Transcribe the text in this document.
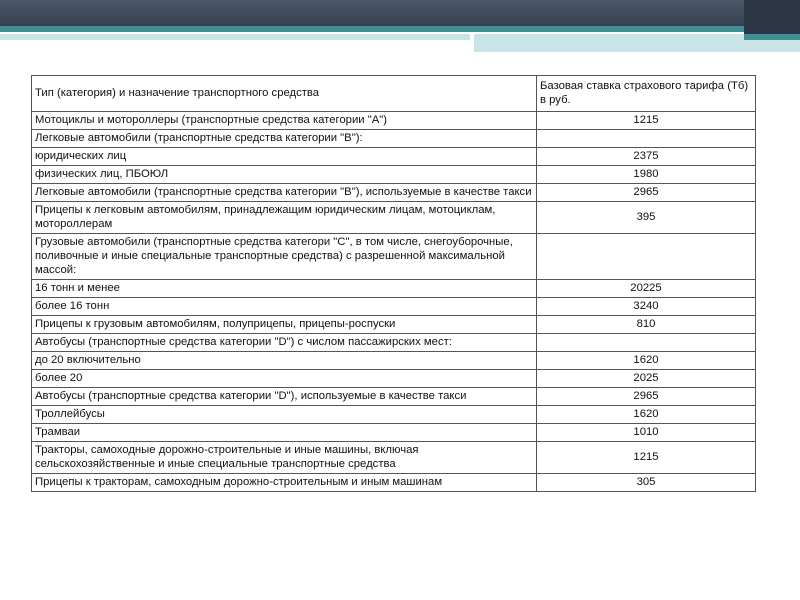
Тип (категория) и назначение транспортного средства	Базовая ставка страхового тарифа (Тб) в руб.
Мотоциклы и мотороллеры (транспортные средства категории "A")	1215
Легковые автомобили (транспортные средства категории "B"):	
юридических лиц	2375
физических лиц, ПБОЮЛ	1980
Легковые автомобили (транспортные средства категории "B"), используемые в качестве такси	2965
Прицепы к легковым автомобилям, принадлежащим юридическим лицам, мотоциклам, мотороллерам	395
Грузовые автомобили (транспортные средства категори "C", в том числе, снегоуборочные, поливочные и иные специальные транспортные средства) с разрешенной максимальной массой:	
16 тонн и менее	20225
более 16 тонн	3240
Прицепы к грузовым автомобилям, полуприцепы, прицепы-роспуски	810
Автобусы (транспортные средства категории "D") с числом пассажирских мест:	
до 20 включительно	1620
более 20	2025
Автобусы (транспортные средства категории "D"), используемые в качестве такси	2965
Троллейбусы	1620
Трамваи	1010
Тракторы, самоходные дорожно-строительные и иные машины, включая сельскохозяйственные и иные специальные транспортные средства	1215
Прицепы к тракторам, самоходным дорожно-строительным и иным машинам	305
